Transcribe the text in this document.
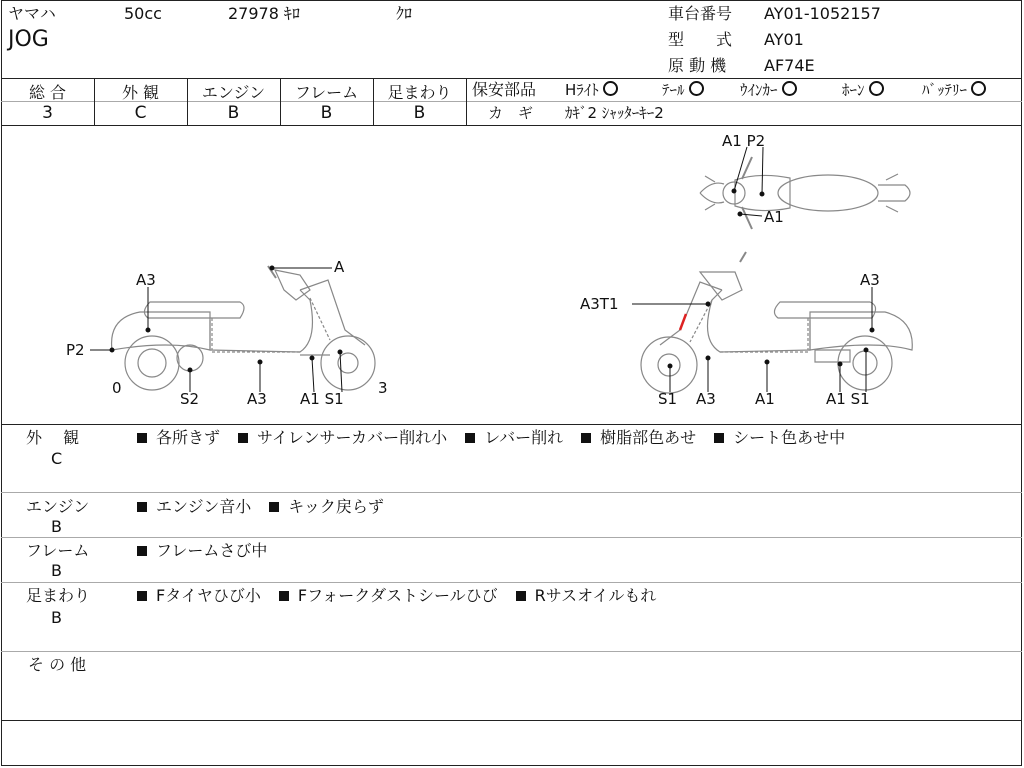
ヤマハ	50cc	27978 ｷﾛ	ｸﾛ
JOG
車台番号 AY01-1052157
型　　式 AY01
原 動 機 AF74E
総 合	外 観	エンジン	フレーム	足まわり
3	C	B	B	B
保安部品 Hﾗｲﾄ	ﾃｰﾙ	ｳｲﾝｶｰ	ﾎｰﾝ	ﾊﾞｯﾃﾘｰ
カ　ギ ｶｷﾞ2 ｼｬｯﾀｰｷｰ2
A1 P2
A1
A3
A
P2
0
S2	A3 A1 S1
3
A3T1
A3
S1 A3	A1	A1 S1
外　 観
C
各所きず サイレンサーカバー削れ小 レバー削れ 樹脂部色あせ シート色あせ中
エンジン
B
エンジン音小 キック戻らず
フレーム
B
フレームさび中
足まわり
B
Fタイヤひび小 Fフォークダストシールひび Rサスオイルもれ
そ の 他
